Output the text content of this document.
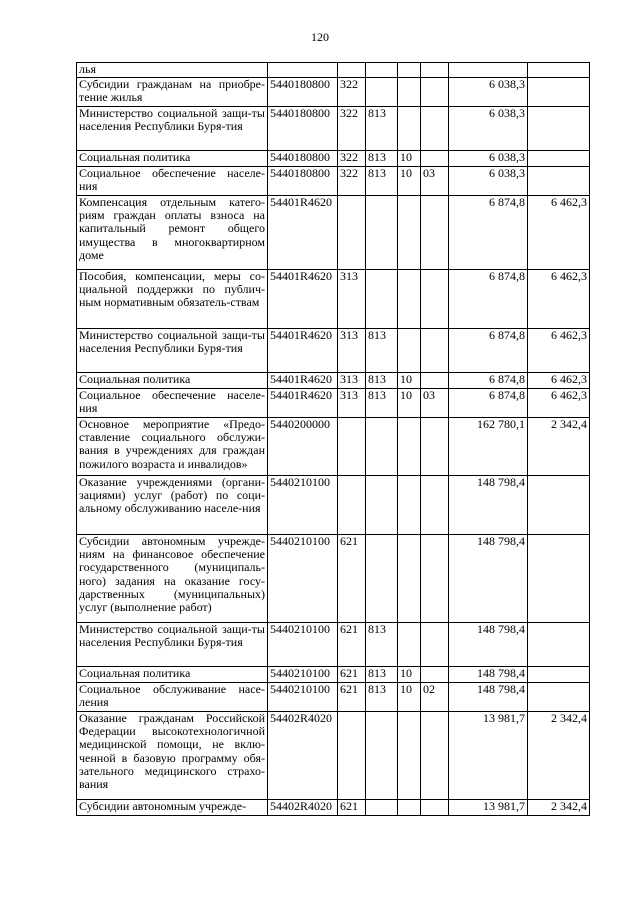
120
лья							
Субсидии гражданам на приобре-тение жилья	5440180800	322				6 038,3	
Министерство социальной защи-ты населения Республики Буря-тия	5440180800	322	813			6 038,3	
Социальная политика	5440180800	322	813	10		6 038,3	
Социальное обеспечение населе-ния	5440180800	322	813	10	03	6 038,3	
Компенсация отдельным катего-риям граждан оплаты взноса на капитальный ремонт общего имущества в многоквартирном доме	54401R4620					6 874,8	6 462,3
Пособия, компенсации, меры со-циальной поддержки по публич-ным нормативным обязатель-ствам	54401R4620	313				6 874,8	6 462,3
Министерство социальной защи-ты населения Республики Буря-тия	54401R4620	313	813			6 874,8	6 462,3
Социальная политика	54401R4620	313	813	10		6 874,8	6 462,3
Социальное обеспечение населе-ния	54401R4620	313	813	10	03	6 874,8	6 462,3
Основное мероприятие «Предо-ставление социального обслужи-вания в учреждениях для граждан пожилого возраста и инвалидов»	5440200000					162 780,1	2 342,4
Оказание учреждениями (органи-зациями) услуг (работ) по соци-альному обслуживанию населе-ния	5440210100					148 798,4	
Субсидии автономным учрежде-ниям на финансовое обеспечение государственного (муниципаль-ного) задания на оказание госу-дарственных (муниципальных) услуг (выполнение работ)	5440210100	621				148 798,4	
Министерство социальной защи-ты населения Республики Буря-тия	5440210100	621	813			148 798,4	
Социальная политика	5440210100	621	813	10		148 798,4	
Социальное обслуживание насе-ления	5440210100	621	813	10	02	148 798,4	
Оказание гражданам Российской Федерации высокотехнологичной медицинской помощи, не вклю-ченной в базовую программу обя-зательного медицинского страхо-вания	54402R4020					13 981,7	2 342,4
Субсидии автономным учрежде-	54402R4020	621				13 981,7	2 342,4
